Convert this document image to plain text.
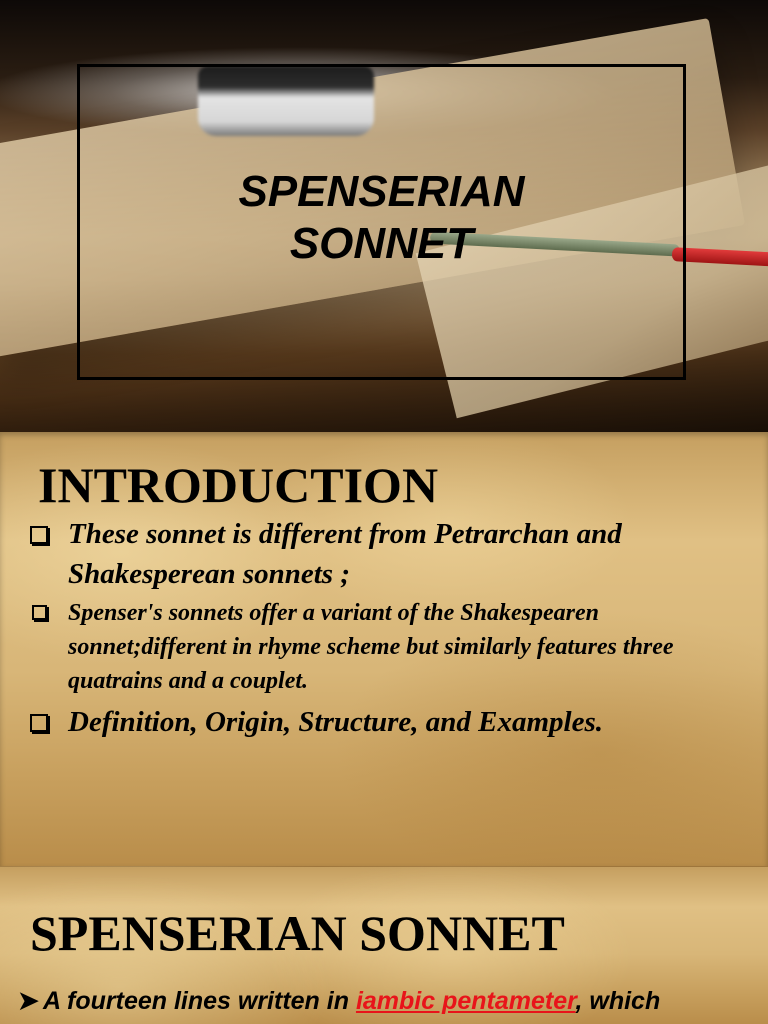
SPENSERIAN
SONNET
INTRODUCTION
These sonnet is different from Petrarchan and Shakesperean sonnets ;
Spenser's sonnets offer a variant of the Shakespearen sonnet;different in rhyme scheme but similarly features three quatrains and a couplet.
Definition, Origin, Structure, and Examples.
SPENSERIAN SONNET

➤ A fourteen lines written in iambic pentameter, which
